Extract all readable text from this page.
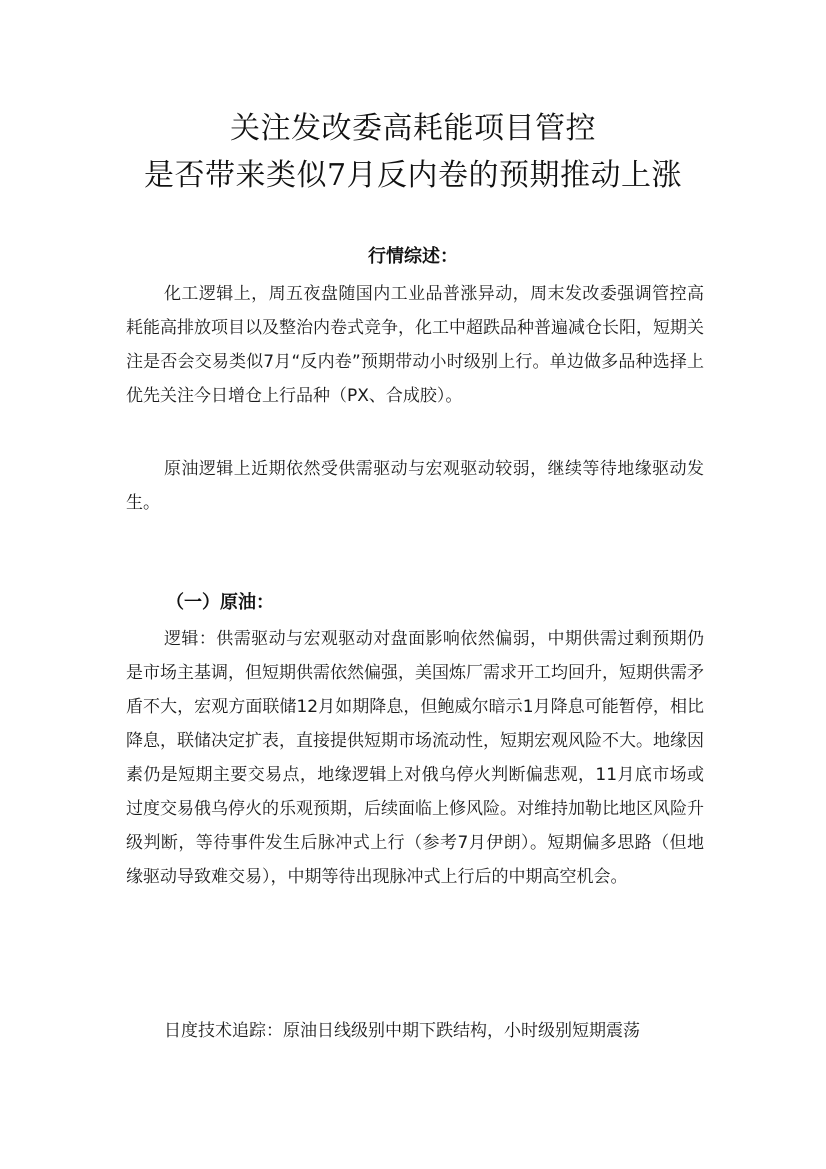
关注发改委高耗能项目管控
是否带来类似7月反内卷的预期推动上涨
行情综述：

化工逻辑上，周五夜盘随国内工业品普涨异动，周末发改委强调管控高耗能高排放项目以及整治内卷式竞争，化工中超跌品种普遍减仓长阳，短期关注是否会交易类似7月“反内卷”预期带动小时级别上行。单边做多品种选择上优先关注今日增仓上行品种（PX、合成胶）。

原油逻辑上近期依然受供需驱动与宏观驱动较弱，继续等待地缘驱动发生。

（一）原油：

逻辑：供需驱动与宏观驱动对盘面影响依然偏弱，中期供需过剩预期仍是市场主基调，但短期供需依然偏强，美国炼厂需求开工均回升，短期供需矛盾不大，宏观方面联储12月如期降息，但鲍威尔暗示1月降息可能暂停，相比降息，联储决定扩表，直接提供短期市场流动性，短期宏观风险不大。地缘因素仍是短期主要交易点，地缘逻辑上对俄乌停火判断偏悲观，11月底市场或过度交易俄乌停火的乐观预期，后续面临上修风险。对维持加勒比地区风险升级判断，等待事件发生后脉冲式上行（参考7月伊朗）。短期偏多思路（但地缘驱动导致难交易），中期等待出现脉冲式上行后的中期高空机会。

日度技术追踪：原油日线级别中期下跌结构，小时级别短期震荡
